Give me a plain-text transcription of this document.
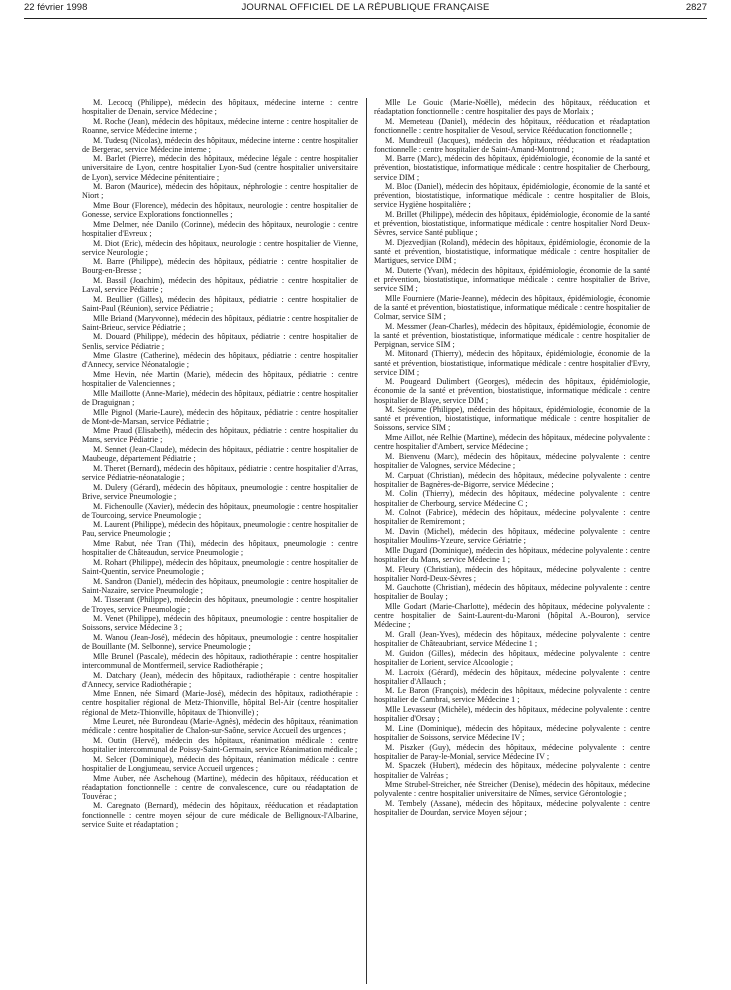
22 février 1998	JOURNAL OFFICIEL DE LA RÉPUBLIQUE FRANÇAISE	2827

M. Lecocq (Philippe), médecin des hôpitaux, médecine interne : centre hospitalier de Denain, service Médecine ;

M. Roche (Jean), médecin des hôpitaux, médecine interne : centre hospitalier de Roanne, service Médecine interne ;

M. Tudesq (Nicolas), médecin des hôpitaux, médecine interne : centre hospitalier de Bergerac, service Médecine interne ;

M. Barlet (Pierre), médecin des hôpitaux, médecine légale : centre hospitalier universitaire de Lyon, centre hospitalier Lyon-Sud (centre hospitalier universitaire de Lyon), service Médecine pénitentiaire ;

M. Baron (Maurice), médecin des hôpitaux, néphrologie : centre hospitalier de Niort ;

Mme Bour (Florence), médecin des hôpitaux, neurologie : centre hospitalier de Gonesse, service Explorations fonctionnelles ;

Mme Delmer, née Danilo (Corinne), médecin des hôpitaux, neurologie : centre hospitalier d'Evreux ;

M. Diot (Eric), médecin des hôpitaux, neurologie : centre hospitalier de Vienne, service Neurologie ;

M. Barre (Philippe), médecin des hôpitaux, pédiatrie : centre hospitalier de Bourg-en-Bresse ;

M. Bassil (Joachim), médecin des hôpitaux, pédiatrie : centre hospitalier de Laval, service Pédiatrie ;

M. Beullier (Gilles), médecin des hôpitaux, pédiatrie : centre hospitalier de Saint-Paul (Réunion), service Pédiatrie ;

Mlle Briand (Maryvonne), médecin des hôpitaux, pédiatrie : centre hospitalier de Saint-Brieuc, service Pédiatrie ;

M. Douard (Philippe), médecin des hôpitaux, pédiatrie : centre hospitalier de Senlis, service Pédiatrie ;

Mme Glastre (Catherine), médecin des hôpitaux, pédiatrie : centre hospitalier d'Annecy, service Néonatalogie ;

Mme Hevin, née Martin (Marie), médecin des hôpitaux, pédiatrie : centre hospitalier de Valenciennes ;

Mlle Maillotte (Anne-Marie), médecin des hôpitaux, pédiatrie : centre hospitalier de Draguignan ;

Mlle Pignol (Marie-Laure), médecin des hôpitaux, pédiatrie : centre hospitalier de Mont-de-Marsan, service Pédiatrie ;

Mme Praud (Elisabeth), médecin des hôpitaux, pédiatrie : centre hospitalier du Mans, service Pédiatrie ;

M. Sennet (Jean-Claude), médecin des hôpitaux, pédiatrie : centre hospitalier de Maubeuge, département Pédiatrie ;

M. Theret (Bernard), médecin des hôpitaux, pédiatrie : centre hospitalier d'Arras, service Pédiatrie-néonatalogie ;

M. Dulery (Gérard), médecin des hôpitaux, pneumologie : centre hospitalier de Brive, service Pneumologie ;

M. Fichenoulle (Xavier), médecin des hôpitaux, pneumologie : centre hospitalier de Tourcoing, service Pneumologie ;

M. Laurent (Philippe), médecin des hôpitaux, pneumologie : centre hospitalier de Pau, service Pneumologie ;

Mme Rabut, née Tran (Thi), médecin des hôpitaux, pneumologie : centre hospitalier de Châteaudun, service Pneumologie ;

M. Rohart (Philippe), médecin des hôpitaux, pneumologie : centre hospitalier de Saint-Quentin, service Pneumologie ;

M. Sandron (Daniel), médecin des hôpitaux, pneumologie : centre hospitalier de Saint-Nazaire, service Pneumologie ;

M. Tisserant (Philippe), médecin des hôpitaux, pneumologie : centre hospitalier de Troyes, service Pneumologie ;

M. Venet (Philippe), médecin des hôpitaux, pneumologie : centre hospitalier de Soissons, service Médecine 3 ;

M. Wanou (Jean-José), médecin des hôpitaux, pneumologie : centre hospitalier de Bouillante (M. Selbonne), service Pneumologie ;

Mlle Brunel (Pascale), médecin des hôpitaux, radiothérapie : centre hospitalier intercommunal de Montfermeil, service Radiothérapie ;

M. Datchary (Jean), médecin des hôpitaux, radiothérapie : centre hospitalier d'Annecy, service Radiothérapie ;

Mme Ennen, née Simard (Marie-José), médecin des hôpitaux, radiothérapie : centre hospitalier régional de Metz-Thionville, hôpital Bel-Air (centre hospitalier régional de Metz-Thionville, hôpitaux de Thionville) ;

Mme Leuret, née Burondeau (Marie-Agnès), médecin des hôpitaux, réanimation médicale : centre hospitalier de Chalon-sur-Saône, service Accueil des urgences ;

M. Outin (Hervé), médecin des hôpitaux, réanimation médicale : centre hospitalier intercommunal de Poissy-Saint-Germain, service Réanimation médicale ;

M. Selcer (Dominique), médecin des hôpitaux, réanimation médicale : centre hospitalier de Longjumeau, service Accueil urgences ;

Mme Auber, née Aschehoug (Martine), médecin des hôpitaux, rééducation et réadaptation fonctionnelle : centre de convalescence, cure ou réadaptation de Touvérac ;

M. Caregnato (Bernard), médecin des hôpitaux, rééducation et réadaptation fonctionnelle : centre moyen séjour de cure médicale de Bellignoux-l'Albarine, service Suite et réadaptation ;

Mlle Le Gouic (Marie-Noëlle), médecin des hôpitaux, rééducation et réadaptation fonctionnelle : centre hospitalier des pays de Morlaix ;

M. Memeteau (Daniel), médecin des hôpitaux, rééducation et réadaptation fonctionnelle : centre hospitalier de Vesoul, service Rééducation fonctionnelle ;

M. Mundreuil (Jacques), médecin des hôpitaux, rééducation et réadaptation fonctionnelle : centre hospitalier de Saint-Amand-Montrond ;

M. Barre (Marc), médecin des hôpitaux, épidémiologie, économie de la santé et prévention, biostatistique, informatique médicale : centre hospitalier de Cherbourg, service DIM ;

M. Bloc (Daniel), médecin des hôpitaux, épidémiologie, économie de la santé et prévention, biostatistique, informatique médicale : centre hospitalier de Blois, service Hygiène hospitalière ;

M. Brillet (Philippe), médecin des hôpitaux, épidémiologie, économie de la santé et prévention, biostatistique, informatique médicale : centre hospitalier Nord Deux-Sèvres, service Santé publique ;

M. Djezvedjian (Roland), médecin des hôpitaux, épidémiologie, économie de la santé et prévention, biostatistique, informatique médicale : centre hospitalier de Martigues, service DIM ;

M. Duterte (Yvan), médecin des hôpitaux, épidémiologie, économie de la santé et prévention, biostatistique, informatique médicale : centre hospitalier de Brive, service SIM ;

Mlle Fourniere (Marie-Jeanne), médecin des hôpitaux, épidémiologie, économie de la santé et prévention, biostatistique, informatique médicale : centre hospitalier de Colmar, service SIM ;

M. Messmer (Jean-Charles), médecin des hôpitaux, épidémiologie, économie de la santé et prévention, biostatistique, informatique médicale : centre hospitalier de Perpignan, service SIM ;

M. Mitonard (Thierry), médecin des hôpitaux, épidémiologie, économie de la santé et prévention, biostatistique, informatique médicale : centre hospitalier d'Evry, service DIM ;

M. Pougeard Dulimbert (Georges), médecin des hôpitaux, épidémiologie, économie de la santé et prévention, biostatistique, informatique médicale : centre hospitalier de Blaye, service DIM ;

M. Sejourne (Philippe), médecin des hôpitaux, épidémiologie, économie de la santé et prévention, biostatistique, informatique médicale : centre hospitalier de Soissons, service SIM ;

Mme Aillot, née Relhie (Martine), médecin des hôpitaux, médecine polyvalente : centre hospitalier d'Ambert, service Médecine ;

M. Bienvenu (Marc), médecin des hôpitaux, médecine polyvalente : centre hospitalier de Valognes, service Médecine ;

M. Carpuat (Christian), médecin des hôpitaux, médecine polyvalente : centre hospitalier de Bagnères-de-Bigorre, service Médecine ;

M. Colin (Thierry), médecin des hôpitaux, médecine polyvalente : centre hospitalier de Cherbourg, service Médecine C ;

M. Colnot (Fabrice), médecin des hôpitaux, médecine polyvalente : centre hospitalier de Remiremont ;

M. Davin (Michel), médecin des hôpitaux, médecine polyvalente : centre hospitalier Moulins-Yzeure, service Gériatrie ;

Mlle Dugard (Dominique), médecin des hôpitaux, médecine polyvalente : centre hospitalier du Mans, service Médecine 1 ;

M. Fleury (Christian), médecin des hôpitaux, médecine polyvalente : centre hospitalier Nord-Deux-Sèvres ;

M. Gauchotte (Christian), médecin des hôpitaux, médecine polyvalente : centre hospitalier de Boulay ;

Mlle Godart (Marie-Charlotte), médecin des hôpitaux, médecine polyvalente : centre hospitalier de Saint-Laurent-du-Maroni (hôpital A.-Bouron), service Médecine ;

M. Grall (Jean-Yves), médecin des hôpitaux, médecine polyvalente : centre hospitalier de Châteaubriant, service Médecine 1 ;

M. Guidon (Gilles), médecin des hôpitaux, médecine polyvalente : centre hospitalier de Lorient, service Alcoologie ;

M. Lacroix (Gérard), médecin des hôpitaux, médecine polyvalente : centre hospitalier d'Allauch ;

M. Le Baron (François), médecin des hôpitaux, médecine polyvalente : centre hospitalier de Cambrai, service Médecine 1 ;

Mlle Levasseur (Michèle), médecin des hôpitaux, médecine polyvalente : centre hospitalier d'Orsay ;

M. Line (Dominique), médecin des hôpitaux, médecine polyvalente : centre hospitalier de Soissons, service Médecine IV ;

M. Piszker (Guy), médecin des hôpitaux, médecine polyvalente : centre hospitalier de Paray-le-Monial, service Médecine IV ;

M. Spaczek (Hubert), médecin des hôpitaux, médecine polyvalente : centre hospitalier de Valréas ;

Mme Strubel-Streicher, née Streicher (Denise), médecin des hôpitaux, médecine polyvalente : centre hospitalier universitaire de Nîmes, service Gérontologie ;

M. Tembely (Assane), médecin des hôpitaux, médecine polyvalente : centre hospitalier de Dourdan, service Moyen séjour ;
